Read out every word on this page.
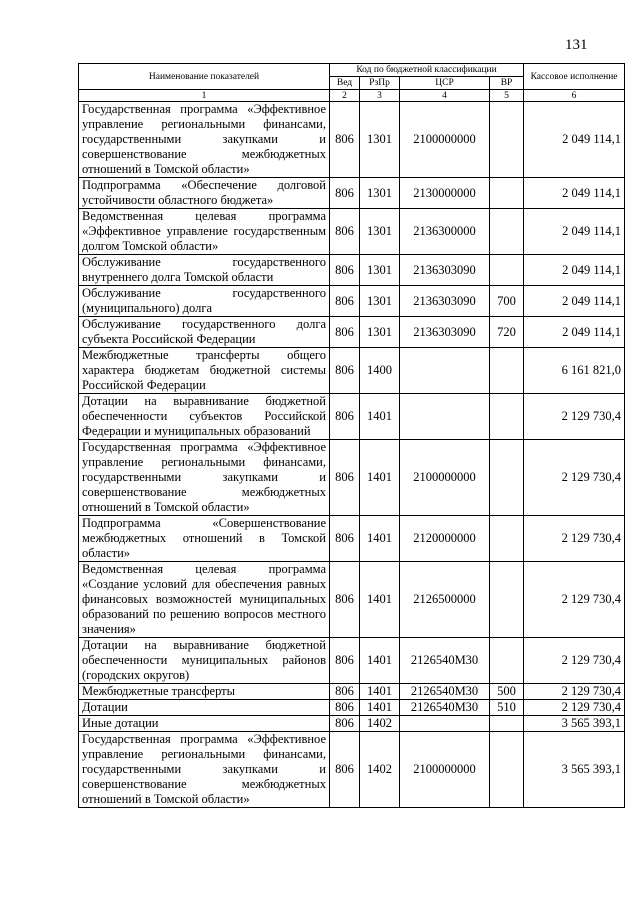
131
Наименование показателей	Код по бюджетной классификации				Кассовое исполнение
	Вед	РзПр	ЦСР	ВР	
1	2	3	4	5	6
Государственная программа «Эффективное управление региональными финансами, государственными закупками и совершенствование межбюджетных отношений в Томской области»	806	1301	2100000000		2 049 114,1
Подпрограмма «Обеспечение долговой устойчивости областного бюджета»	806	1301	2130000000		2 049 114,1
Ведомственная целевая программа «Эффективное управление государственным долгом Томской области»	806	1301	2136300000		2 049 114,1
Обслуживание государственного внутреннего долга Томской области	806	1301	2136303090		2 049 114,1
Обслуживание государственного (муниципального) долга	806	1301	2136303090	700	2 049 114,1
Обслуживание государственного долга субъекта Российской Федерации	806	1301	2136303090	720	2 049 114,1
Межбюджетные трансферты общего характера бюджетам бюджетной системы Российской Федерации	806	1400			6 161 821,0
Дотации на выравнивание бюджетной обеспеченности субъектов Российской Федерации и муниципальных образований	806	1401			2 129 730,4
Государственная программа «Эффективное управление региональными финансами, государственными закупками и совершенствование межбюджетных отношений в Томской области»	806	1401	2100000000		2 129 730,4
Подпрограмма «Совершенствование межбюджетных отношений в Томской области»	806	1401	2120000000		2 129 730,4
Ведомственная целевая программа «Создание условий для обеспечения равных финансовых возможностей муниципальных образований по решению вопросов местного значения»	806	1401	2126500000		2 129 730,4
Дотации на выравнивание бюджетной обеспеченности муниципальных районов (городских округов)	806	1401	2126540М30		2 129 730,4
Межбюджетные трансферты	806	1401	2126540М30	500	2 129 730,4
Дотации	806	1401	2126540М30	510	2 129 730,4
Иные дотации	806	1402			3 565 393,1
Государственная программа «Эффективное управление региональными финансами, государственными закупками и совершенствование межбюджетных отношений в Томской области»	806	1402	2100000000		3 565 393,1
